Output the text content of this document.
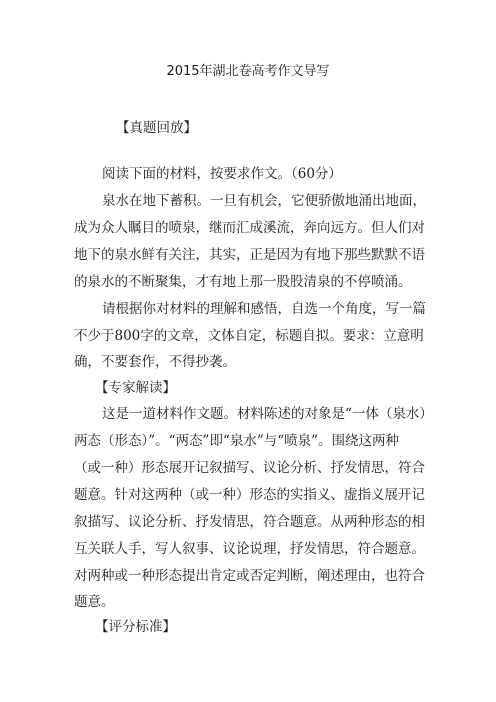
2015年湖北卷高考作文导写
【真题回放】
阅读下面的材料，按要求作文。（60分）
泉水在地下蓄积。一旦有机会，它便骄傲地涌出地面，
成为众人瞩目的喷泉，继而汇成溪流，奔向远方。但人们对
地下的泉水鲜有关注，其实，正是因为有地下那些默默不语
的泉水的不断聚集，才有地上那一股股清泉的不停喷涌。
请根据你对材料的理解和感悟，自选一个角度，写一篇
不少于800字的文章，文体自定，标题自拟。要求：立意明
确，不要套作，不得抄袭。
【专家解读】
这是一道材料作文题。材料陈述的对象是“一体（泉水）
两态（形态）”。“两态”即“泉水”与“喷泉”。围绕这两种
（或一种）形态展开记叙描写、议论分析、抒发情思，符合
题意。针对这两种（或一种）形态的实指义、虚指义展开记
叙描写、议论分析、抒发情思，符合题意。从两种形态的相
互关联人手，写人叙事、议论说理，抒发情思，符合题意。
对两种或一种形态提出肯定或否定判断，阐述理由，也符合
题意。
【评分标准】
